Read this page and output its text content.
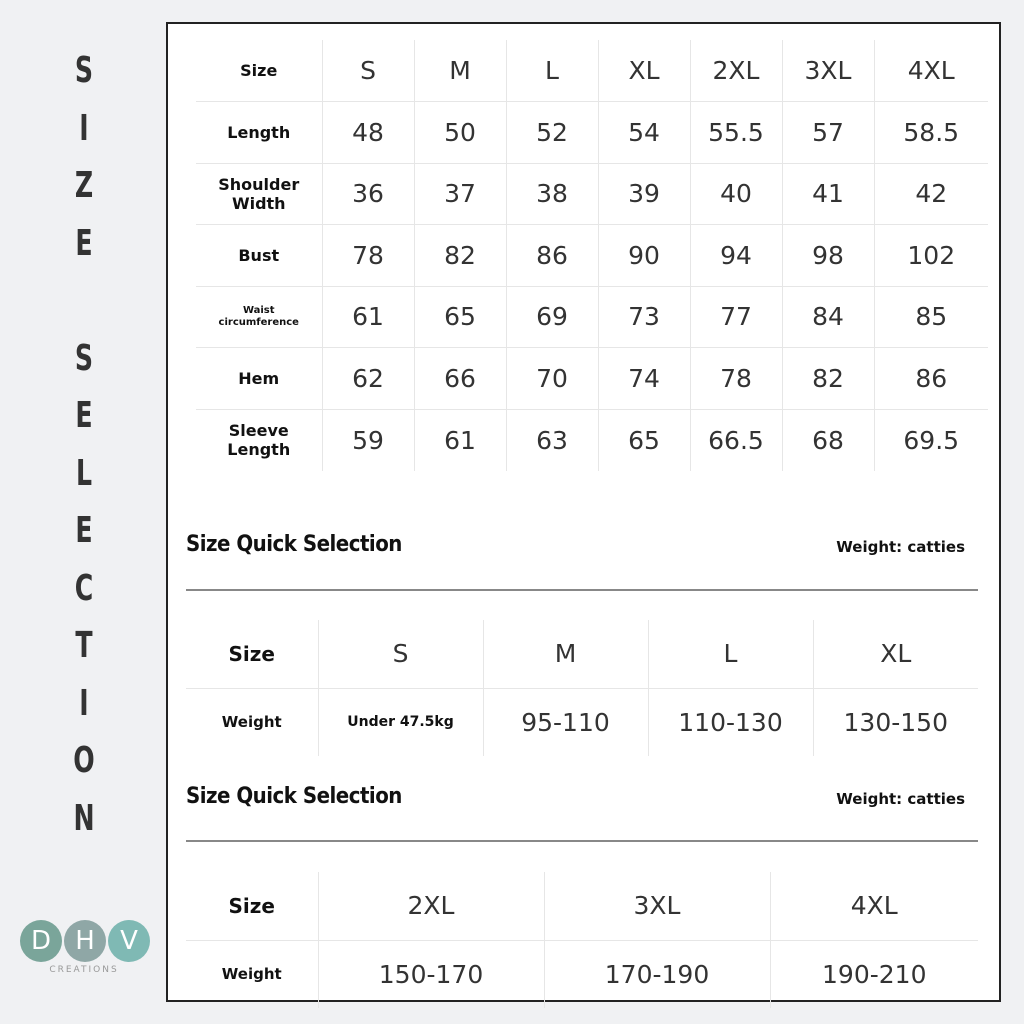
S
I
Z
E
S
E
L
E
C
T
I
O
N
D H V
CREATIONS
Size	S	M	L	XL	2XL	3XL	4XL

Length	48	50	52	54	55.5	57	58.5

Shoulder
Width	36	37	38	39	40	41	42

Bust	78	82	86	90	94	98	102

Waist
circumference	61	65	69	73	77	84	85

Hem	62	66	70	74	78	82	86

Sleeve
Length	59	61	63	65	66.5	68	69.5
Size Quick Selection	Weight: catties
Size	S	M	L	XL
Weight	Under 47.5kg	95-110	110-130	130-150
Size Quick Selection	Weight: catties
Size	2XL	3XL	4XL
Weight	150-170	170-190	190-210
